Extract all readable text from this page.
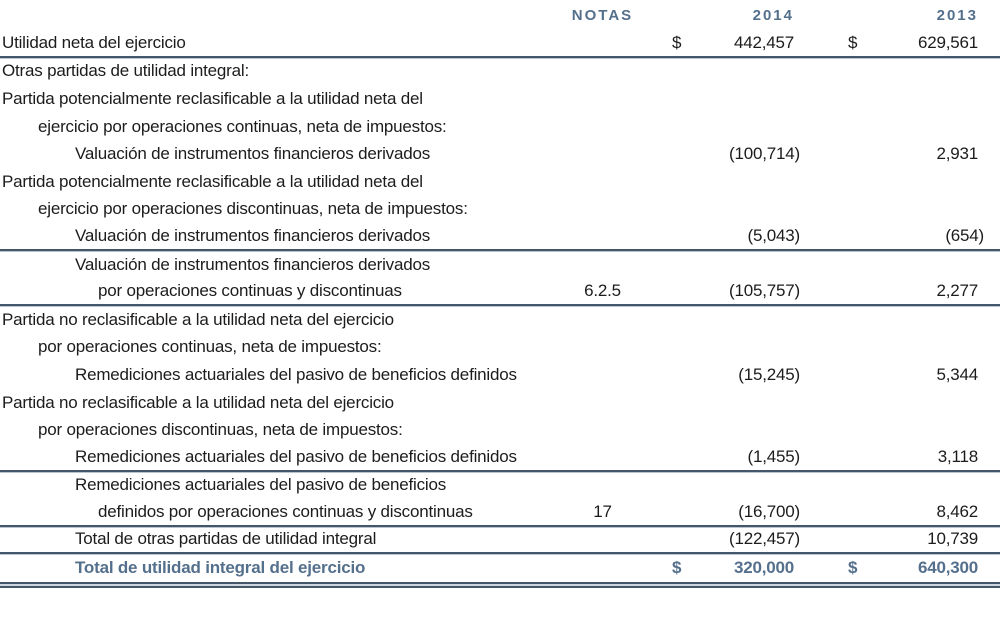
NOTAS	2014	2013
Utilidad neta del ejercicio	$	442,457	$	629,561
Otras partidas de utilidad integral:
Partida potencialmente reclasificable a la utilidad neta del
ejercicio por operaciones continuas, neta de impuestos:
Valuación de instrumentos financieros derivados	(100,714)	2,931
Partida potencialmente reclasificable a la utilidad neta del
ejercicio por operaciones discontinuas, neta de impuestos:
Valuación de instrumentos financieros derivados	(5,043)	(654)
Valuación de instrumentos financieros derivados
por operaciones continuas y discontinuas	6.2.5	(105,757)	2,277
Partida no reclasificable a la utilidad neta del ejercicio
por operaciones continuas, neta de impuestos:
Remediciones actuariales del pasivo de beneficios definidos	(15,245)	5,344
Partida no reclasificable a la utilidad neta del ejercicio
por operaciones discontinuas, neta de impuestos:
Remediciones actuariales del pasivo de beneficios definidos	(1,455)	3,118
Remediciones actuariales del pasivo de beneficios
definidos por operaciones continuas y discontinuas	17	(16,700)	8,462
Total de otras partidas de utilidad integral	(122,457)	10,739
Total de utilidad integral del ejercicio	$	320,000	$	640,300
